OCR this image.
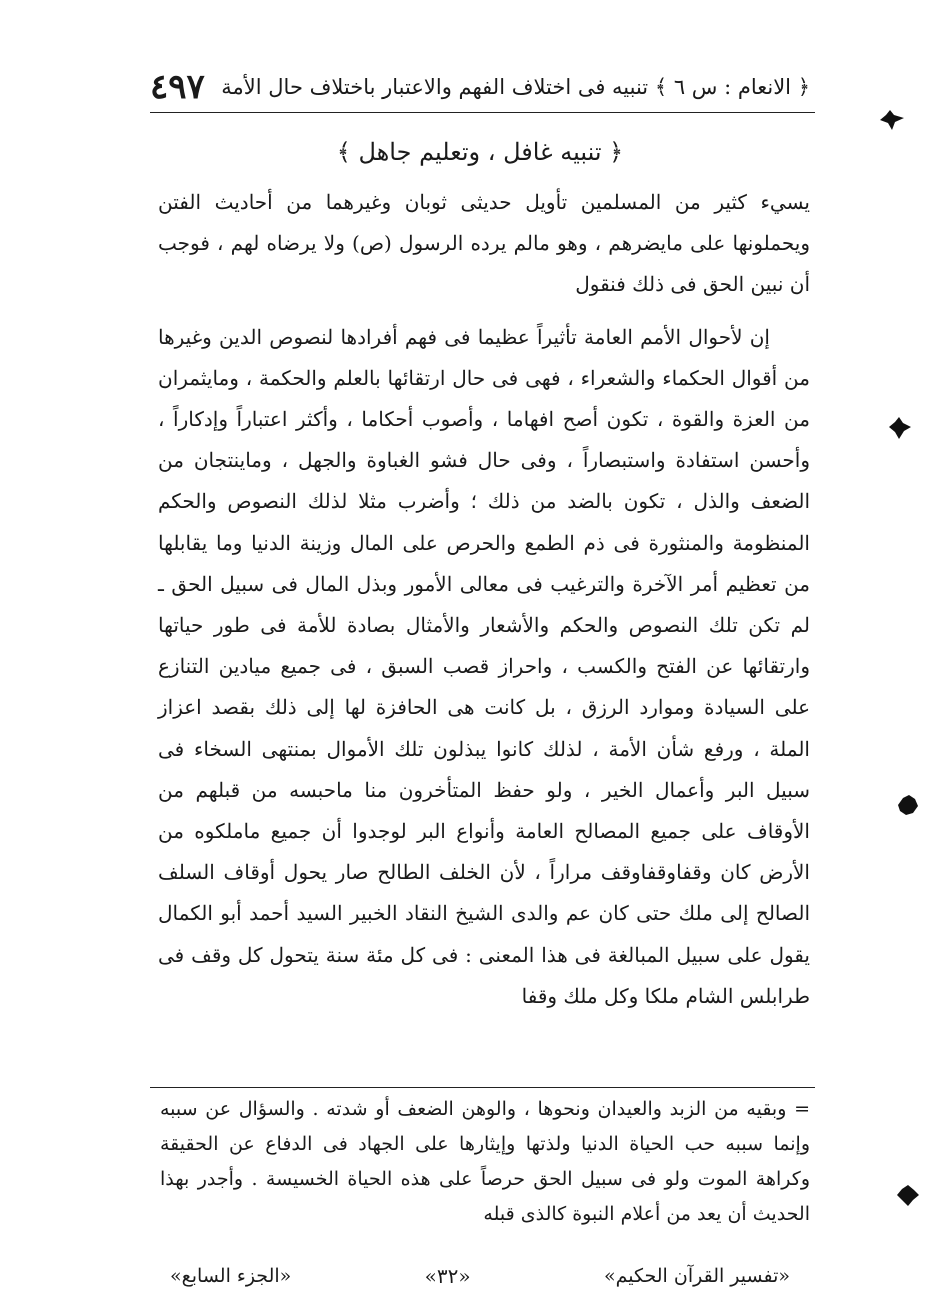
﴿ الانعام : س ٦ ﴾ تنبيه فى اختلاف الفهم والاعتبار باختلاف حال الأمة
٤٩٧
﴿ تنبيه غافل ، وتعليم جاهل ﴾

يسيء كثير من المسلمين تأويل حديثى ثوبان وغيرهما من أحاديث الفتن ويحملونها على مايضرهم ، وهو مالم يرده الرسول (ص) ولا يرضاه لهم ، فوجب أن نبين الحق فى ذلك فنقول

إن لأحوال الأمم العامة تأثيراً عظيما فى فهم أفرادها لنصوص الدين وغيرها من أقوال الحكماء والشعراء ، فهى فى حال ارتقائها بالعلم والحكمة ، ومايثمران من العزة والقوة ، تكون أصح افهاما ، وأصوب أحكاما ، وأكثر اعتباراً وإدكاراً ، وأحسن استفادة واستبصاراً ، وفى حال فشو الغباوة والجهل ، وماينتجان من الضعف والذل ، تكون بالضد من ذلك ؛ وأضرب مثلا لذلك النصوص والحكم المنظومة والمنثورة فى ذم الطمع والحرص على المال وزينة الدنيا وما يقابلها من تعظيم أمر الآخرة والترغيب فى معالى الأمور وبذل المال فى سبيل الحق ـ لم تكن تلك النصوص والحكم والأشعار والأمثال بصادة للأمة فى طور حياتها وارتقائها عن الفتح والكسب ، واحراز قصب السبق ، فى جميع ميادين التنازع على السيادة وموارد الرزق ، بل كانت هى الحافزة لها إلى ذلك بقصد اعزاز الملة ، ورفع شأن الأمة ، لذلك كانوا يبذلون تلك الأموال بمنتهى السخاء فى سبيل البر وأعمال الخير ، ولو حفظ المتأخرون منا ماحبسه من قبلهم من الأوقاف على جميع المصالح العامة وأنواع البر لوجدوا أن جميع ماملكوه من الأرض كان وقفاوقفاوقف مراراً ، لأن الخلف الطالح صار يحول أوقاف السلف الصالح إلى ملك حتى كان عم والدى الشيخ النقاد الخبير السيد أحمد أبو الكمال يقول على سبيل المبالغة فى هذا المعنى : فى كل مئة سنة يتحول كل وقف فى طرابلس الشام ملكا وكل ملك وقفا

= وبقيه من الزبد والعيدان ونحوها ، والوهن الضعف أو شدته . والسؤال عن سببه وإنما سببه حب الحياة الدنيا ولذتها وإيثارها على الجهاد فى الدفاع عن الحقيقة وكراهة الموت ولو فى سبيل الحق حرصاً على هذه الحياة الخسيسة . وأجدر بهذا الحديث أن يعد من أعلام النبوة كالذى قبله

«تفسير القرآن الحكيم»
«٣٢»
«الجزء السابع»
